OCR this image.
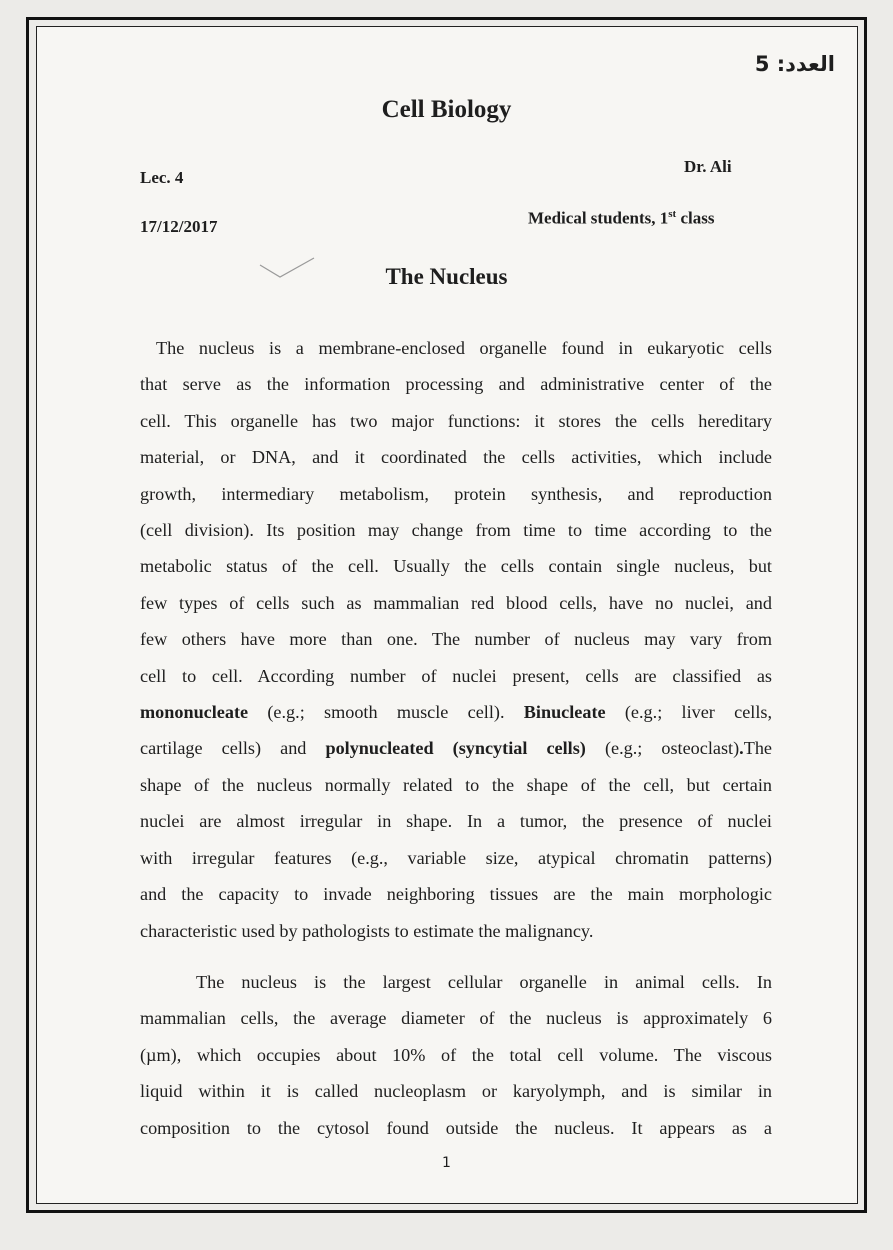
العدد: 5
Cell Biology
Lec. 4
Dr. Ali
17/12/2017	Medical students, 1st class
The Nucleus
The nucleus is a membrane-enclosed organelle found in eukaryotic cells
that serve as the information processing and administrative center of the
cell. This organelle has two major functions: it stores the cells hereditary
material, or DNA, and it coordinated the cells activities, which include
growth, intermediary metabolism, protein synthesis, and reproduction
(cell division). Its position may change from time to time according to the
metabolic status of the cell. Usually the cells contain single nucleus, but
few types of cells such as mammalian red blood cells, have no nuclei, and
few others have more than one. The number of nucleus may vary from
cell to cell. According number of nuclei present, cells are classified as
mononucleate (e.g.; smooth muscle cell). Binucleate (e.g.; liver cells,
cartilage cells) and polynucleated (syncytial cells) (e.g.; osteoclast).The
shape of the nucleus normally related to the shape of the cell, but certain
nuclei are almost irregular in shape. In a tumor, the presence of nuclei
with irregular features (e.g., variable size, atypical chromatin patterns)
and the capacity to invade neighboring tissues are the main morphologic
characteristic used by pathologists to estimate the malignancy.
The nucleus is the largest cellular organelle in animal cells. In
mammalian cells, the average diameter of the nucleus is approximately 6
(µm), which occupies about 10% of the total cell volume. The viscous
liquid within it is called nucleoplasm or karyolymph, and is similar in
composition to the cytosol found outside the nucleus. It appears as a
1
